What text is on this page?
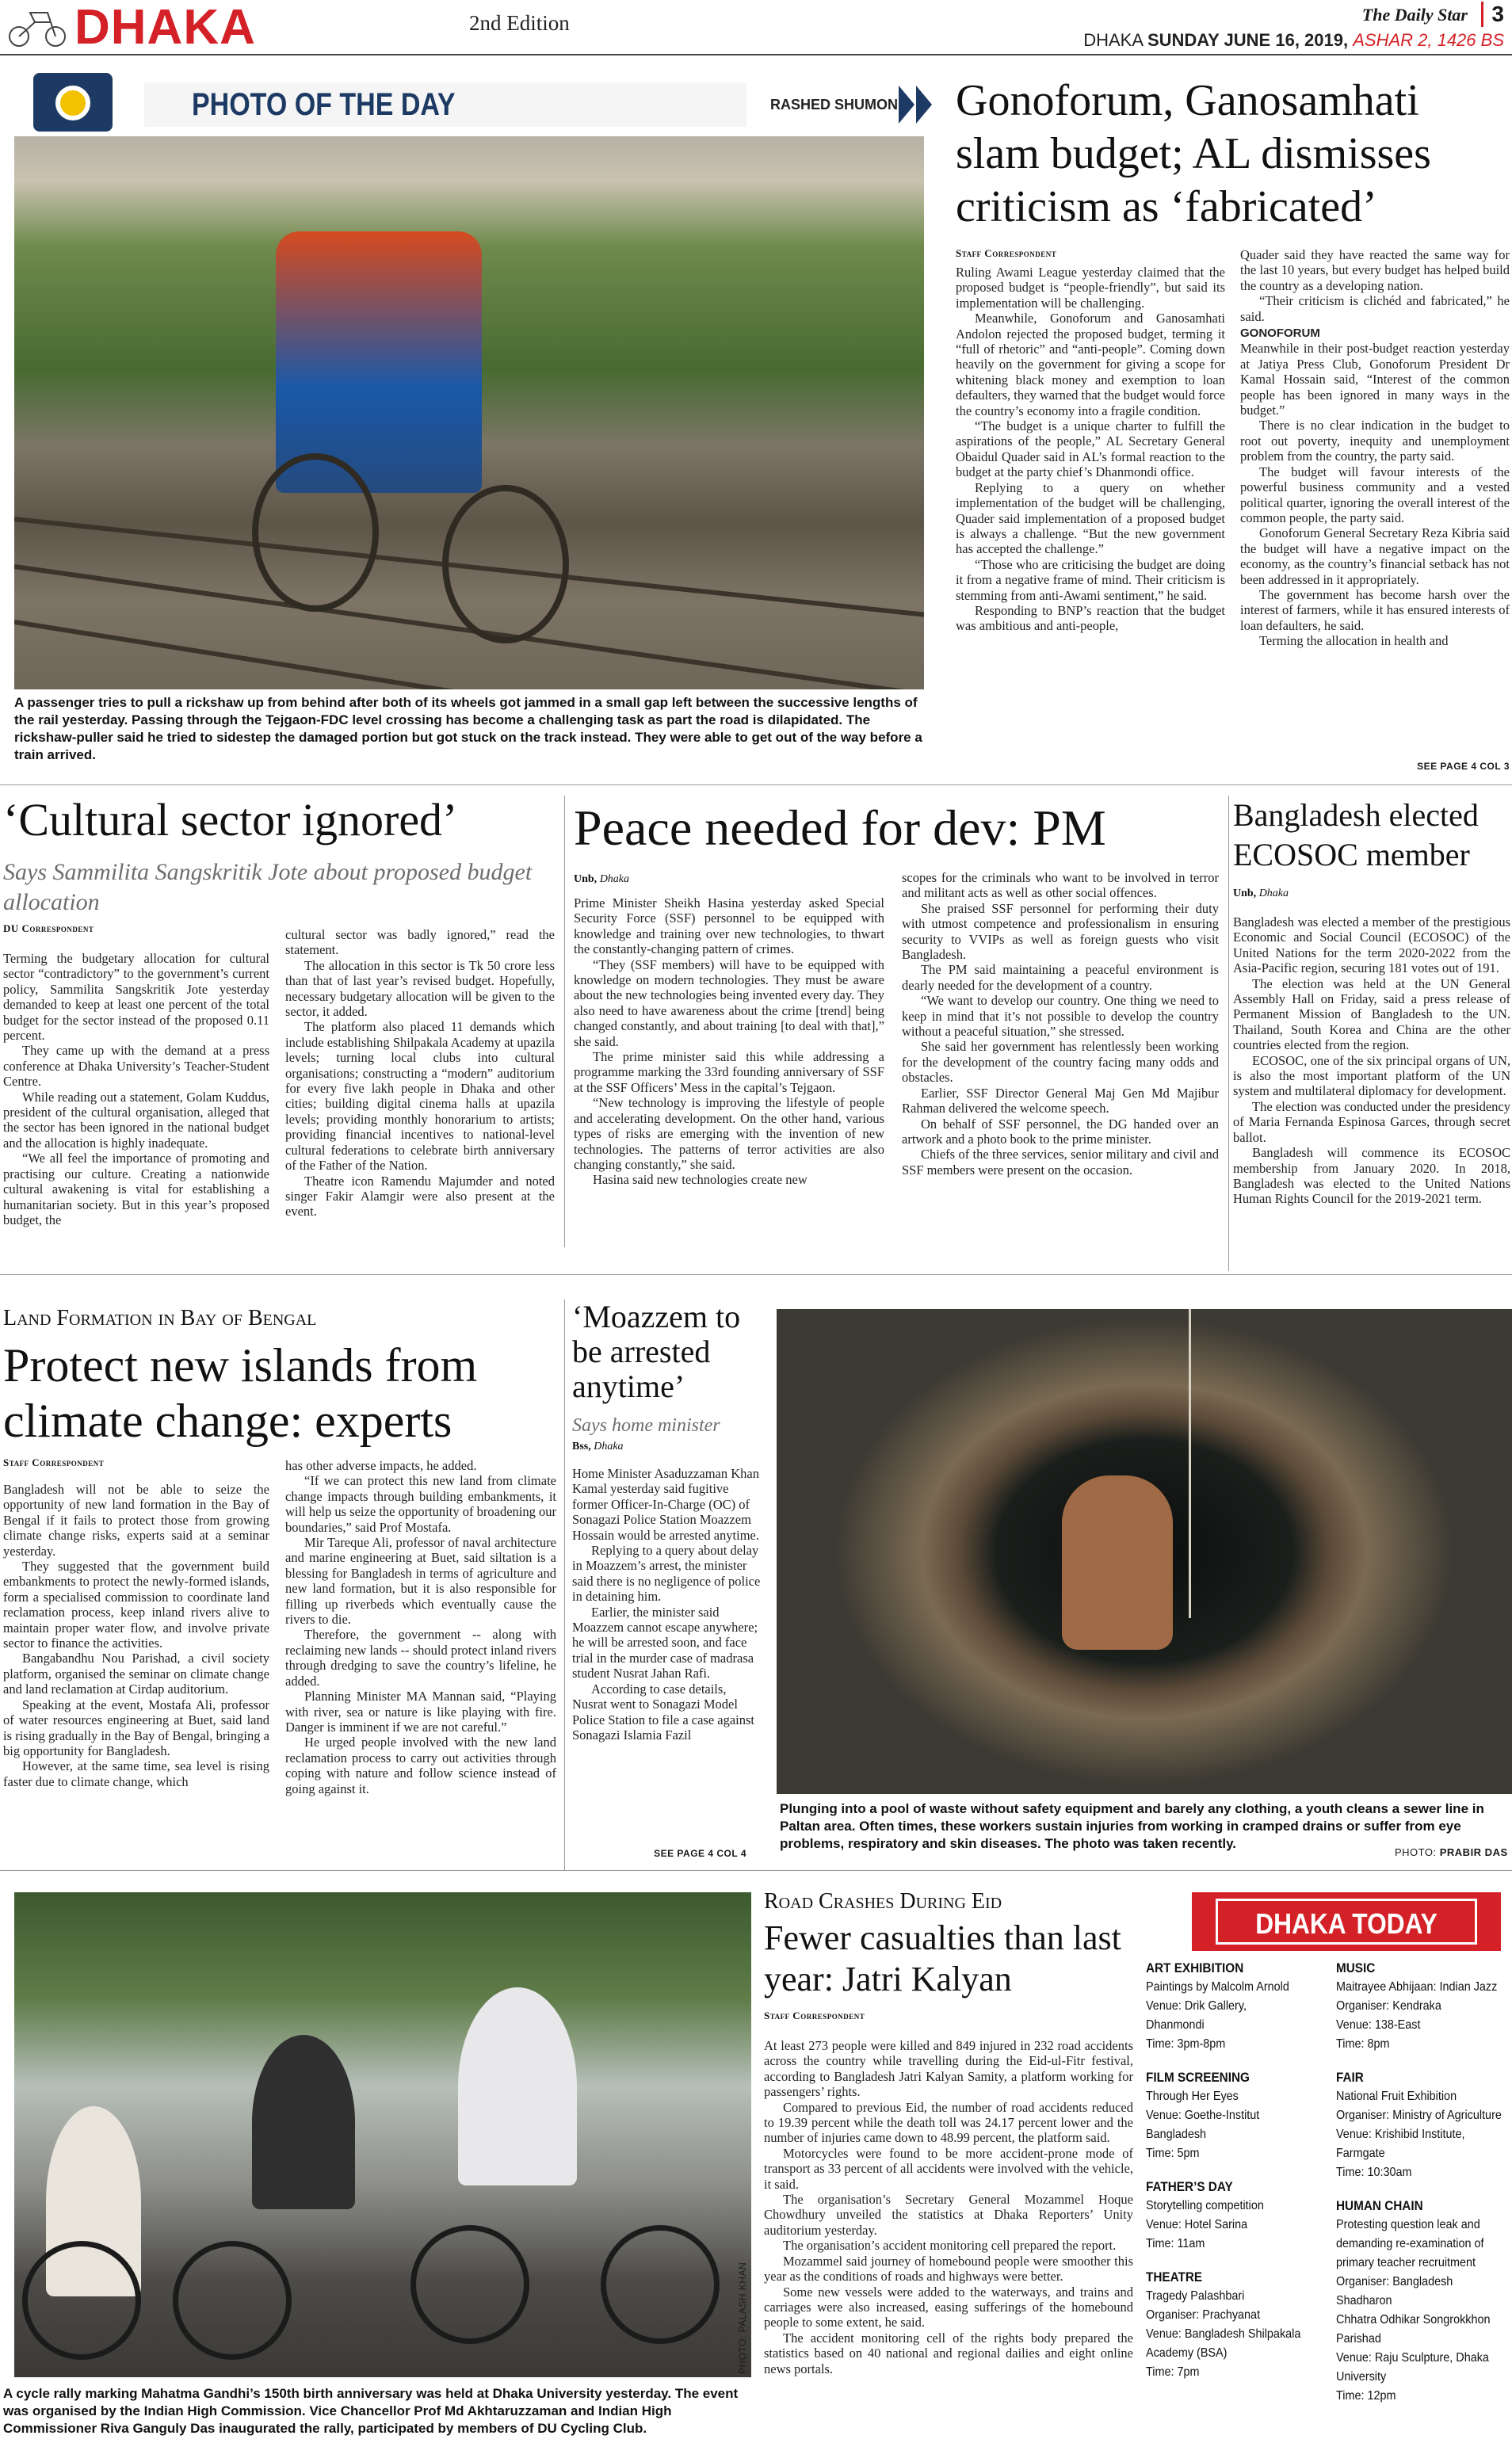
DHAKA	2nd Edition	The Daily Star	3
DHAKA SUNDAY JUNE 16, 2019, ASHAR 2, 1426 BS
PHOTO OF THE DAY	RASHED SHUMON
A passenger tries to pull a rickshaw up from behind after both of its wheels got jammed in a small gap left between the successive lengths of the rail yesterday. Passing through the Tejgaon-FDC level crossing has become a challenging task as part the road is dilapidated. The rickshaw-puller said he tried to sidestep the damaged portion but got stuck on the track instead. They were able to get out of the way before a train arrived.
Gonoforum, Ganosamhati slam budget; AL dismisses criticism as ‘fabricated’
Staff Correspondent

Ruling Awami League yesterday claimed that the proposed budget is “people-friendly”, but said its implementation will be challenging.

Meanwhile, Gonoforum and Ganosamhati Andolon rejected the proposed budget, terming it “full of rhetoric” and “anti-people”. Coming down heavily on the government for giving a scope for whitening black money and exemption to loan defaulters, they warned that the budget would force the country’s economy into a fragile condition.

“The budget is a unique charter to fulfill the aspirations of the people,” AL Secretary General Obaidul Quader said in AL’s formal reaction to the budget at the party chief’s Dhanmondi office.

Replying to a query on whether implementation of the budget will be challenging, Quader said implementation of a proposed budget is always a challenge. “But the new government has accepted the challenge.”

“Those who are criticising the budget are doing it from a negative frame of mind. Their criticism is stemming from anti-Awami sentiment,” he said.

Responding to BNP’s reaction that the budget was ambitious and anti-people,

Quader said they have reacted the same way for the last 10 years, but every budget has helped build the country as a developing nation.

“Their criticism is clichéd and fabricated,” he said.

GONOFORUM

Meanwhile in their post-budget reaction yesterday at Jatiya Press Club, Gonoforum President Dr Kamal Hossain said, “Interest of the common people has been ignored in many ways in the budget.”

There is no clear indication in the budget to root out poverty, inequity and unemployment problem from the country, the party said.

The budget will favour interests of the powerful business community and a vested political quarter, ignoring the overall interest of the common people, the party said.

Gonoforum General Secretary Reza Kibria said the budget will have a negative impact on the economy, as the country’s financial setback has not been addressed in it appropriately.

The government has become harsh over the interest of farmers, while it has ensured interests of loan defaulters, he said.

Terming the allocation in health and

SEE PAGE 4 COL 3
‘Cultural sector ignored’
Says Sammilita Sangskritik Jote about proposed budget allocation
DU Correspondent

Terming the budgetary allocation for cultural sector “contradictory” to the government’s current policy, Sammilita Sangskritik Jote yesterday demanded to keep at least one percent of the total budget for the sector instead of the proposed 0.11 percent.

They came up with the demand at a press conference at Dhaka University’s Teacher-Student Centre.

While reading out a statement, Golam Kuddus, president of the cultural organisation, alleged that the sector has been ignored in the national budget and the allocation is highly inadequate.

“We all feel the importance of promoting and practising our culture. Creating a nationwide cultural awakening is vital for establishing a humanitarian society. But in this year’s proposed budget, the

cultural sector was badly ignored,” read the statement.

The allocation in this sector is Tk 50 crore less than that of last year’s revised budget. Hopefully, necessary budgetary allocation will be given to the sector, it added.

The platform also placed 11 demands which include establishing Shilpakala Academy at upazila levels; turning local clubs into cultural organisations; constructing a “modern” auditorium for every five lakh people in Dhaka and other cities; building digital cinema halls at upazila levels; providing monthly honorarium to artists; providing financial incentives to national-level cultural federations to celebrate birth anniversary of the Father of the Nation.

Theatre icon Ramendu Majumder and noted singer Fakir Alamgir were also present at the event.

Peace needed for dev: PM
Unb, Dhaka

Prime Minister Sheikh Hasina yesterday asked Special Security Force (SSF) personnel to be equipped with knowledge and training over new technologies, to thwart the constantly-changing pattern of crimes.

“They (SSF members) will have to be equipped with knowledge on modern technologies. They must be aware about the new technologies being invented every day. They also need to have awareness about the crime [trend] being changed constantly, and about training [to deal with that],” she said.

The prime minister said this while addressing a programme marking the 33rd founding anniversary of SSF at the SSF Officers’ Mess in the capital’s Tejgaon.

“New technology is improving the lifestyle of people and accelerating development. On the other hand, various types of risks are emerging with the invention of new technologies. The patterns of terror activities are also changing constantly,” she said.

Hasina said new technologies create new

scopes for the criminals who want to be involved in terror and militant acts as well as other social offences.

She praised SSF personnel for performing their duty with utmost competence and professionalism in ensuring security to VVIPs as well as foreign guests who visit Bangladesh.

The PM said maintaining a peaceful environment is dearly needed for the development of a country.

“We want to develop our country. One thing we need to keep in mind that it’s not possible to develop the country without a peaceful situation,” she stressed.

She said her government has relentlessly been working for the development of the country facing many odds and obstacles.

Earlier, SSF Director General Maj Gen Md Majibur Rahman delivered the welcome speech.

On behalf of SSF personnel, the DG handed over an artwork and a photo book to the prime minister.

Chiefs of the three services, senior military and civil and SSF members were present on the occasion.

Bangladesh elected ECOSOC member
Unb, Dhaka

Bangladesh was elected a member of the prestigious Economic and Social Council (ECOSOC) of the United Nations for the term 2020-2022 from the Asia-Pacific region, securing 181 votes out of 191.

The election was held at the UN General Assembly Hall on Friday, said a press release of Permanent Mission of Bangladesh to the UN. Thailand, South Korea and China are the other countries elected from the region.

ECOSOC, one of the six principal organs of UN, is also the most important platform of the UN system and multilateral diplomacy for development.

The election was conducted under the presidency of Maria Fernanda Espinosa Garces, through secret ballot.

Bangladesh will commence its ECOSOC membership from January 2020. In 2018, Bangladesh was elected to the United Nations Human Rights Council for the 2019-2021 term.

Land Formation in Bay of Bengal
Protect new islands from climate change: experts
Staff Correspondent

Bangladesh will not be able to seize the opportunity of new land formation in the Bay of Bengal if it fails to protect those from growing climate change risks, experts said at a seminar yesterday.

They suggested that the government build embankments to protect the newly-formed islands, form a specialised commission to coordinate land reclamation process, keep inland rivers alive to maintain proper water flow, and involve private sector to finance the activities.

Bangabandhu Nou Parishad, a civil society platform, organised the seminar on climate change and land reclamation at Cirdap auditorium.

Speaking at the event, Mostafa Ali, professor of water resources engineering at Buet, said land is rising gradually in the Bay of Bengal, bringing a big opportunity for Bangladesh.

However, at the same time, sea level is rising faster due to climate change, which

has other adverse impacts, he added.

“If we can protect this new land from climate change impacts through building embankments, it will help us seize the opportunity of broadening our boundaries,” said Prof Mostafa.

Mir Tareque Ali, professor of naval architecture and marine engineering at Buet, said siltation is a blessing for Bangladesh in terms of agriculture and new land formation, but it is also responsible for filling up riverbeds which eventually cause the rivers to die.

Therefore, the government -- along with reclaiming new lands -- should protect inland rivers through dredging to save the country’s lifeline, he added.

Planning Minister MA Mannan said, “Playing with river, sea or nature is like playing with fire. Danger is imminent if we are not careful.”

He urged people involved with the new land reclamation process to carry out activities through coping with nature and follow science instead of going against it.

‘Moazzem to be arrested anytime’
Says home minister
Bss, Dhaka

Home Minister Asaduzzaman Khan Kamal yesterday said fugitive former Officer-In-Charge (OC) of Sonagazi Police Station Moazzem Hossain would be arrested anytime.

Replying to a query about delay in Moazzem’s arrest, the minister said there is no negligence of police in detaining him.

Earlier, the minister said Moazzem cannot escape anywhere; he will be arrested soon, and face trial in the murder case of madrasa student Nusrat Jahan Rafi.

According to case details, Nusrat went to Sonagazi Model Police Station to file a case against Sonagazi Islamia Fazil

SEE PAGE 4 COL 4
Plunging into a pool of waste without safety equipment and barely any clothing, a youth cleans a sewer line in Paltan area. Often times, these workers sustain injuries from working in cramped drains or suffer from eye problems, respiratory and skin diseases. The photo was taken recently.
PHOTO: PRABIR DAS
PHOTO: PALASH KHAN
A cycle rally marking Mahatma Gandhi’s 150th birth anniversary was held at Dhaka University yesterday. The event was organised by the Indian High Commission. Vice Chancellor Prof Md Akhtaruzzaman and Indian High Commissioner Riva Ganguly Das inaugurated the rally, participated by members of DU Cycling Club.
Road Crashes During Eid
Fewer casualties than last year: Jatri Kalyan
Staff Correspondent

At least 273 people were killed and 849 injured in 232 road accidents across the country while travelling during the Eid-ul-Fitr festival, according to Bangladesh Jatri Kalyan Samity, a platform working for passengers’ rights.

Compared to previous Eid, the number of road accidents reduced to 19.39 percent while the death toll was 24.17 percent lower and the number of injuries came down to 48.99 percent, the platform said.

Motorcycles were found to be more accident-prone mode of transport as 33 percent of all accidents were involved with the vehicle, it said.

The organisation’s Secretary General Mozammel Hoque Chowdhury unveiled the statistics at Dhaka Reporters’ Unity auditorium yesterday.

The organisation’s accident monitoring cell prepared the report.

Mozammel said journey of homebound people were smoother this year as the conditions of roads and highways were better.

Some new vessels were added to the waterways, and trains and carriages were also increased, easing sufferings of the homebound people to some extent, he said.

The accident monitoring cell of the rights body prepared the statistics based on 40 national and regional dailies and eight online news portals.

DHAKA TODAY
ART EXHIBITION
Paintings by Malcolm Arnold
Venue: Drik Gallery,
Dhanmondi
Time: 3pm-8pm
FILM SCREENING
Through Her Eyes
Venue: Goethe-Institut
Bangladesh
Time: 5pm
FATHER’S DAY
Storytelling competition
Venue: Hotel Sarina
Time: 11am
THEATRE
Tragedy Palashbari
Organiser: Prachyanat
Venue: Bangladesh Shilpakala
Academy (BSA)
Time: 7pm
MUSIC
Maitrayee Abhijaan: Indian Jazz
Organiser: Kendraka
Venue: 138-East
Time: 8pm
FAIR
National Fruit Exhibition
Organiser: Ministry of Agriculture
Venue: Krishibid Institute,
Farmgate
Time: 10:30am
HUMAN CHAIN
Protesting question leak and
demanding re-examination of
primary teacher recruitment
Organiser: Bangladesh Shadharon
Chhatra Odhikar Songrokkhon
Parishad
Venue: Raju Sculpture, Dhaka
University
Time: 12pm
